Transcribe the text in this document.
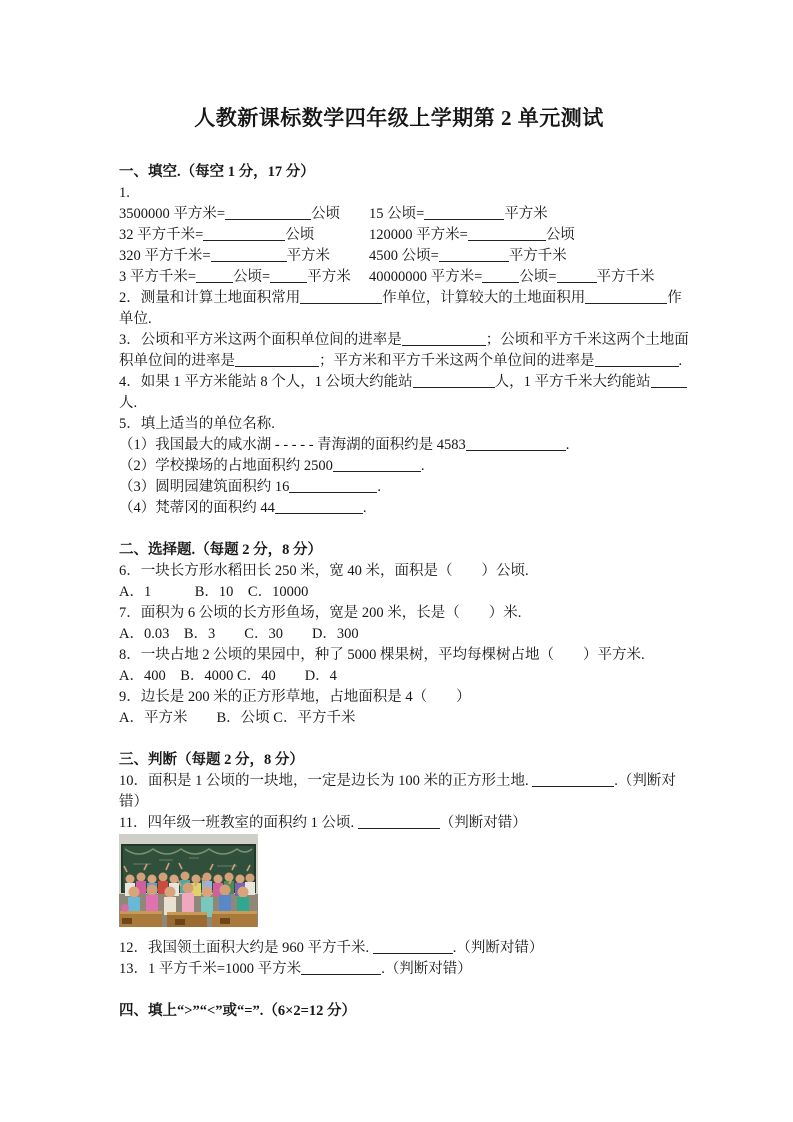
人教新课标数学四年级上学期第 2 单元测试
一、填空.（每空 1 分，17 分）
1.
3500000 平方米=	公顷	15 公顷=	平方米
32 平方千米=	公顷	120000 平方米=	公顷
320 平方千米=	平方米	4500 公顷=	平方千米
3 平方千米=	公顷=	平方米	40000000 平方米=	公顷=	平方千米
2．测量和计算土地面积常用	作单位，计算较大的土地面积用	作
单位.
3．公顷和平方米这两个面积单位间的进率是	；公顷和平方千米这两个土地面
积单位间的进率是	；平方米和平方千米这两个单位间的进率是	.
4．如果 1 平方米能站 8 个人，1 公顷大约能站	人，1 平方千米大约能站
人.
5．填上适当的单位名称.
（1）我国最大的咸水湖 - - - - - 青海湖的面积约是 4583	.
（2）学校操场的占地面积约 2500	.
（3）圆明园建筑面积约 16	.
（4）梵蒂冈的面积约 44	.
二、选择题.（每题 2 分，8 分）
6．一块长方形水稻田长 250 米，宽 40 米，面积是（　　）公顷.
A．1　　　B．10　C．10000
7．面积为 6 公顷的长方形鱼场，宽是 200 米，长是（　　）米.
A．0.03　B．3　　C．30　　D．300
8．一块占地 2 公顷的果园中，种了 5000 棵果树，平均每棵树占地（　　）平方米.
A．400　B．4000 C．40　　D．4
9．边长是 200 米的正方形草地，占地面积是 4（　　）
A．平方米　　B．公顷 C．平方千米
三、判断（每题 2 分，8 分）
10．面积是 1 公顷的一块地，一定是边长为 100 米的正方形土地.	.（判断对
错）
11．四年级一班教室的面积约 1 公顷.	（判断对错）
12．我国领土面积大约是 960 平方千米.	.（判断对错）
13．1 平方千米=1000 平方米	.（判断对错）
四、填上“>”“<”或“=”.（6×2=12 分）
